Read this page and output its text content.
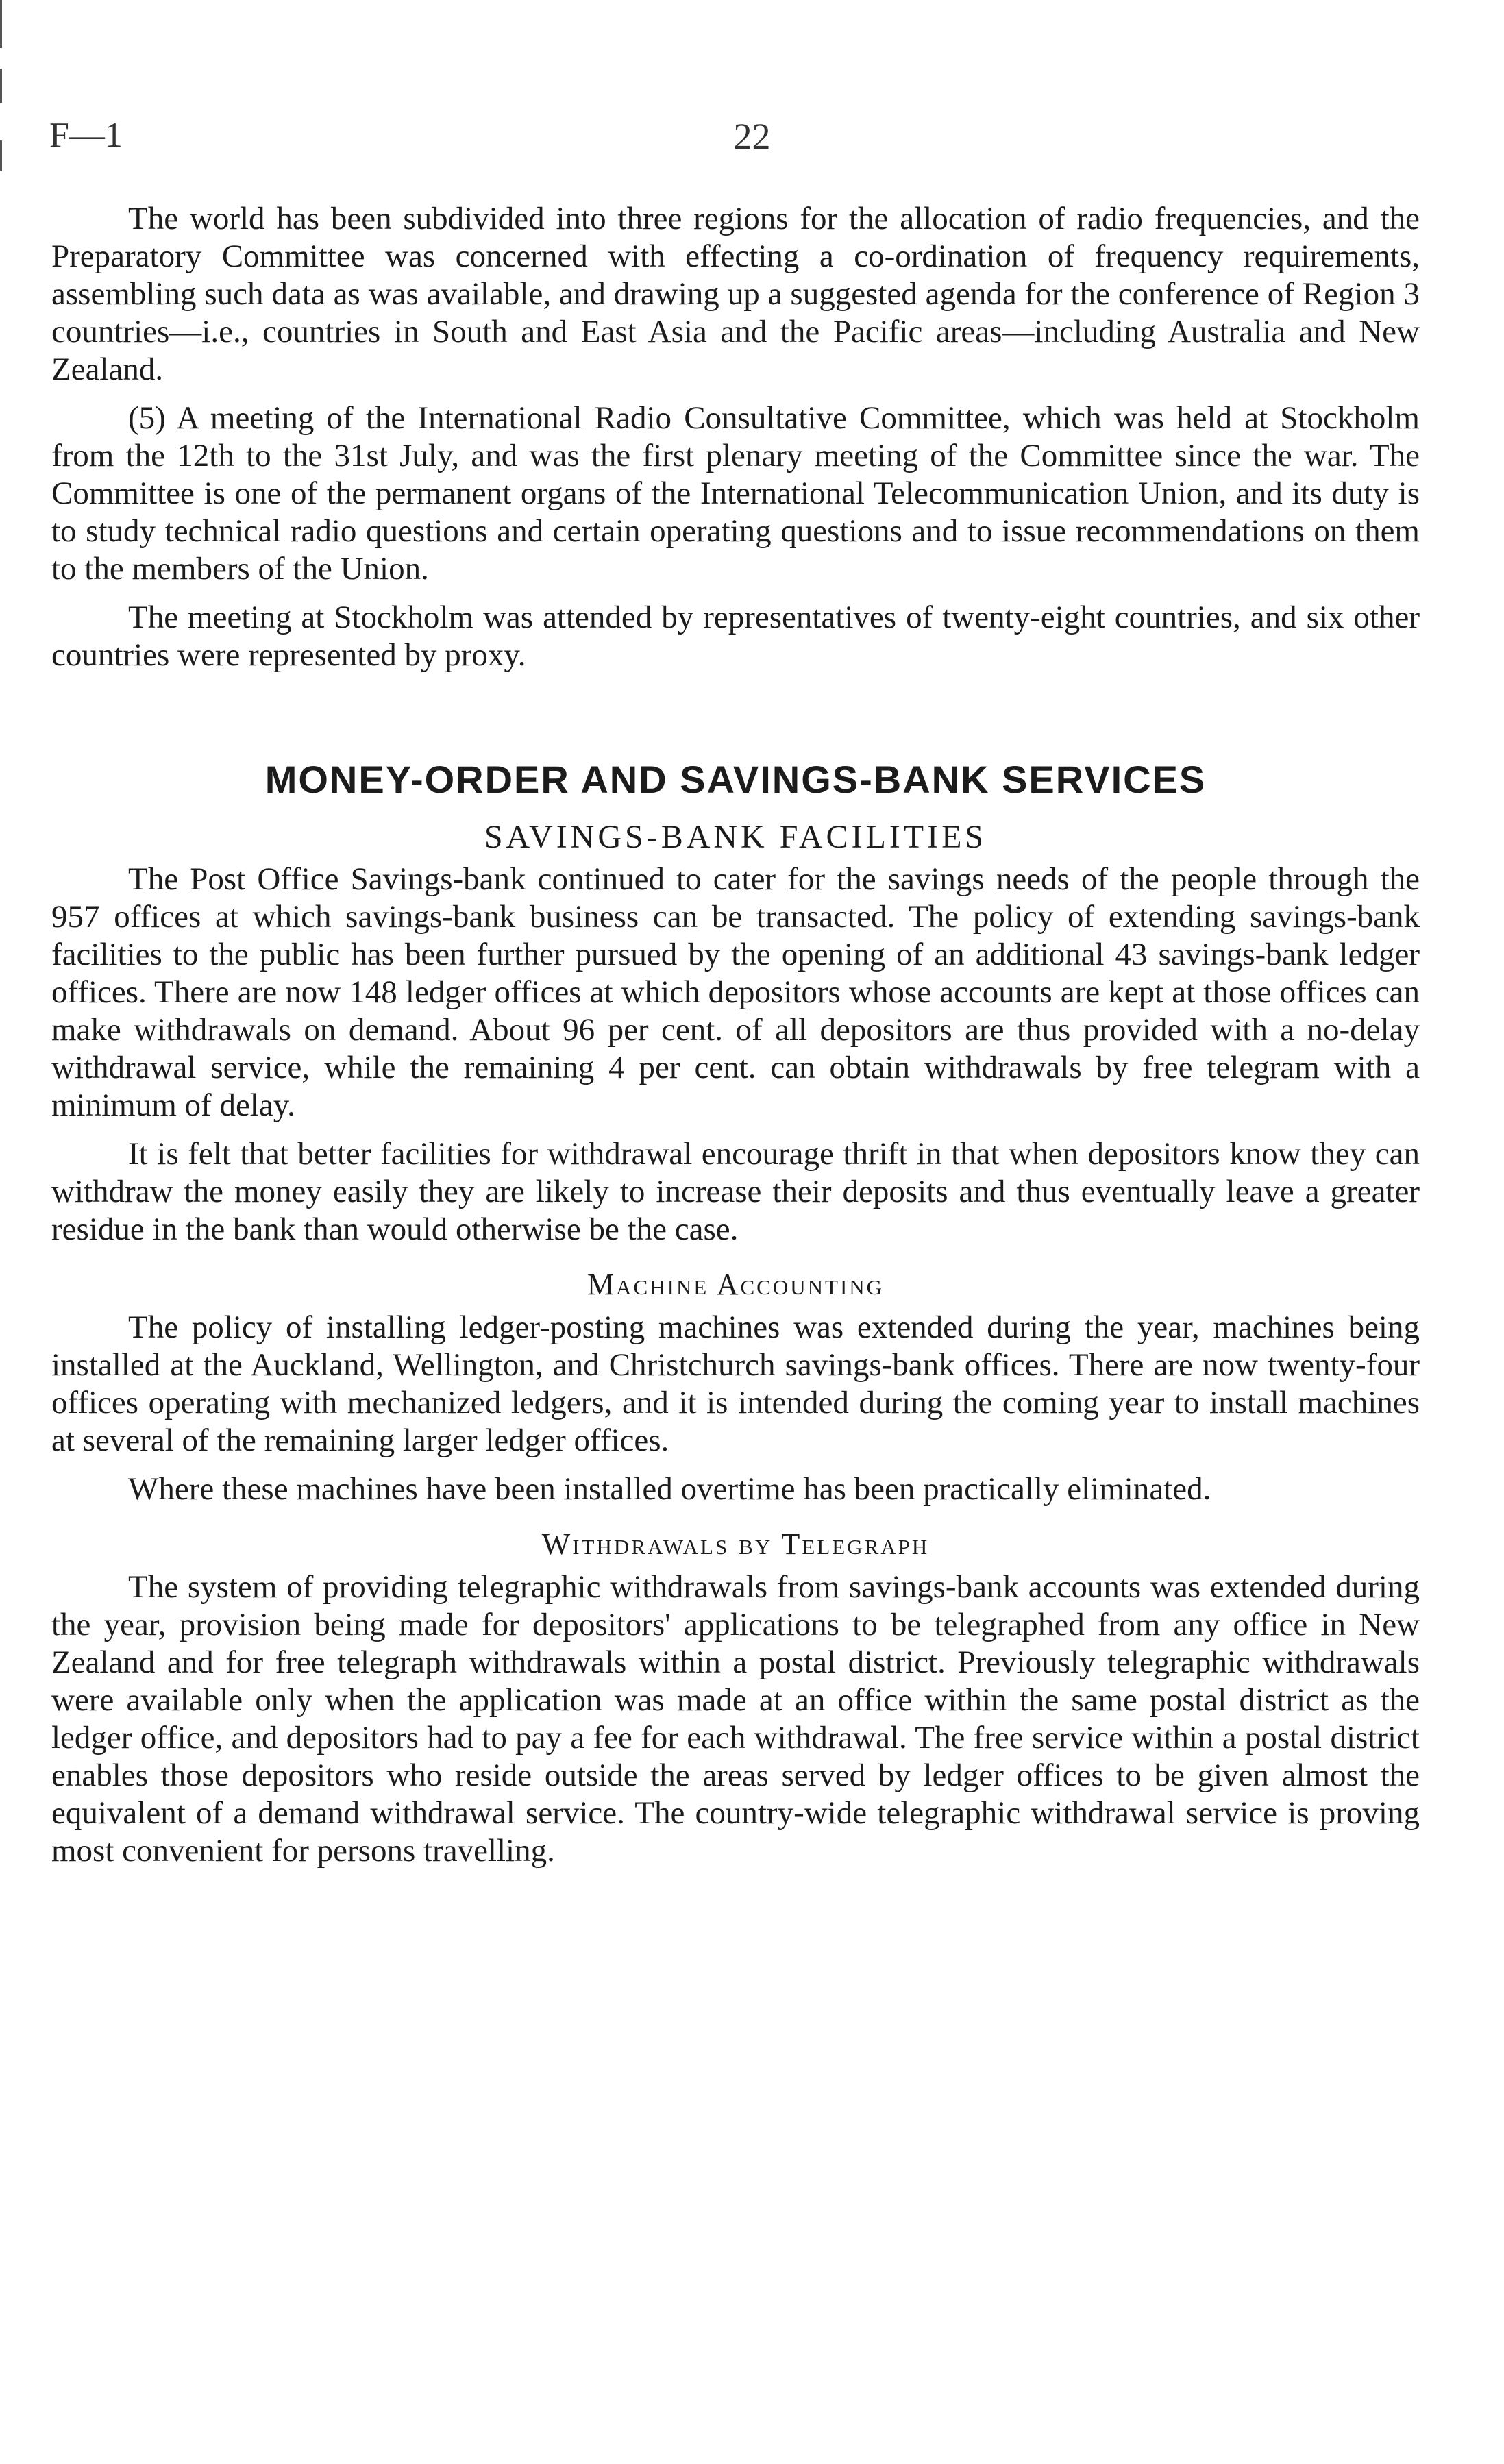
F—1	22

The world has been subdivided into three regions for the allocation of radio frequencies, and the Preparatory Committee was concerned with effecting a co-ordination of frequency requirements, assembling such data as was available, and drawing up a suggested agenda for the conference of Region 3 countries—i.e., countries in South and East Asia and the Pacific areas—including Australia and New Zealand.

(5) A meeting of the International Radio Consultative Committee, which was held at Stockholm from the 12th to the 31st July, and was the first plenary meeting of the Committee since the war. The Committee is one of the permanent organs of the International Telecommunication Union, and its duty is to study technical radio questions and certain operating questions and to issue recommendations on them to the members of the Union.

The meeting at Stockholm was attended by representatives of twenty-eight countries, and six other countries were represented by proxy.

MONEY-ORDER AND SAVINGS-BANK SERVICES
SAVINGS-BANK FACILITIES

The Post Office Savings-bank continued to cater for the savings needs of the people through the 957 offices at which savings-bank business can be transacted. The policy of extending savings-bank facilities to the public has been further pursued by the opening of an additional 43 savings-bank ledger offices. There are now 148 ledger offices at which depositors whose accounts are kept at those offices can make withdrawals on demand. About 96 per cent. of all depositors are thus provided with a no-delay withdrawal service, while the remaining 4 per cent. can obtain withdrawals by free telegram with a minimum of delay.

It is felt that better facilities for withdrawal encourage thrift in that when depositors know they can withdraw the money easily they are likely to increase their deposits and thus eventually leave a greater residue in the bank than would otherwise be the case.

Machine Accounting

The policy of installing ledger-posting machines was extended during the year, machines being installed at the Auckland, Wellington, and Christchurch savings-bank offices. There are now twenty-four offices operating with mechanized ledgers, and it is intended during the coming year to install machines at several of the remaining larger ledger offices.

Where these machines have been installed overtime has been practically eliminated.

Withdrawals by Telegraph

The system of providing telegraphic withdrawals from savings-bank accounts was extended during the year, provision being made for depositors' applications to be telegraphed from any office in New Zealand and for free telegraph withdrawals within a postal district. Previously telegraphic withdrawals were available only when the application was made at an office within the same postal district as the ledger office, and depositors had to pay a fee for each withdrawal. The free service within a postal district enables those depositors who reside outside the areas served by ledger offices to be given almost the equivalent of a demand withdrawal service. The country-wide telegraphic withdrawal service is proving most convenient for persons travelling.
